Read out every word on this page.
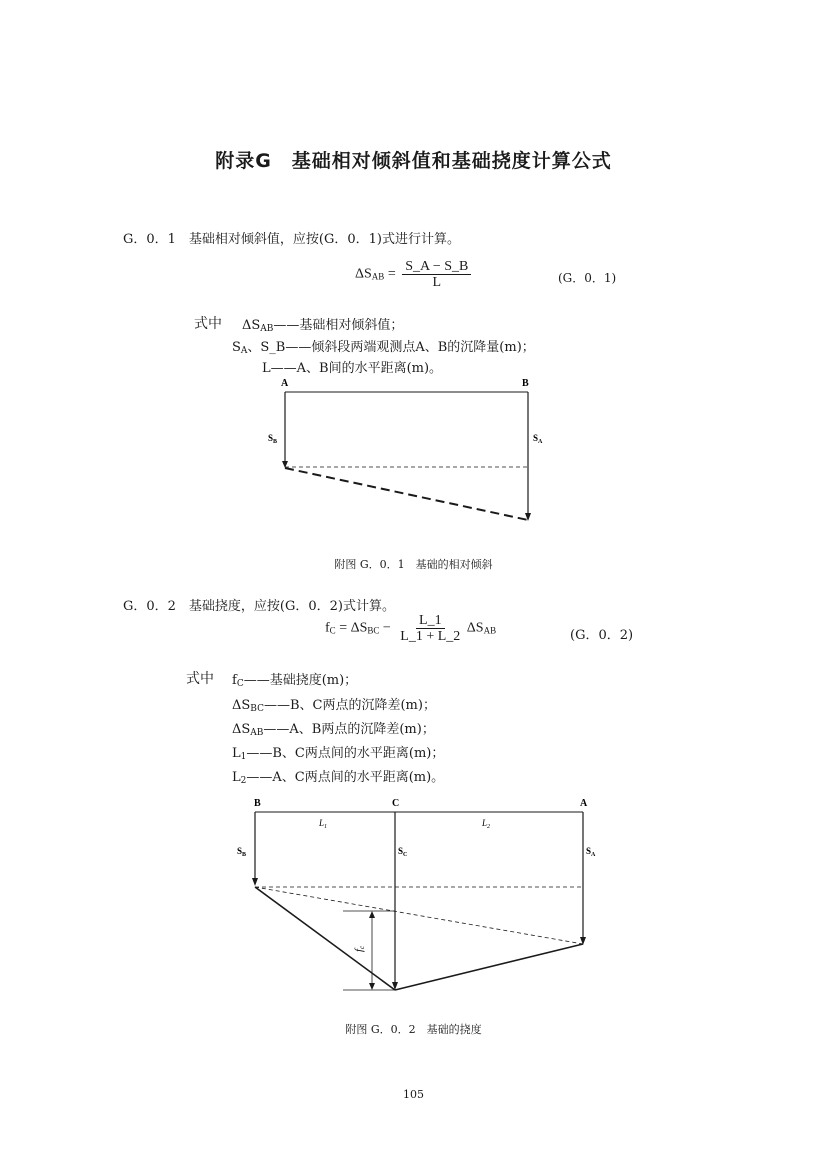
附录G　基础相对倾斜值和基础挠度计算公式
G．0．1　基础相对倾斜值，应按(G．0．1)式进行计算。
$\Delta S_{AB} = \frac{S\_A - S\_B}{L}$	(G．0．1)
式中 $\Delta S_{AB}——$基础相对倾斜值；
$S_A$、S_B——倾斜段两端观测点A、B的沉降量(m)；
L——A、B间的水平距离(m)。
A	B
$S_B$	$S_A$
附图 G．0．1　基础的相对倾斜
G．0．2　基础挠度，应按(G．0．2)式计算。
$f_C = \Delta S_{BC} - \frac{L\_1}{L\_1 + L\_2} \Delta S_{AB}$	(G．0．2)
式中 $f_C——$基础挠度(m)；
$\Delta S_{BC}——B$、C两点的沉降差(m)；
$\Delta S_{AB}——A$、B两点的沉降差(m)；
$L_1——B$、C两点间的水平距离(m)；
$L_2——A$、C两点间的水平距离(m)。
B	C	A
$L_1$	$L_2$
$S_B$	$S_C$	$S_A$
fc
附图 G．0．2　基础的挠度
105
